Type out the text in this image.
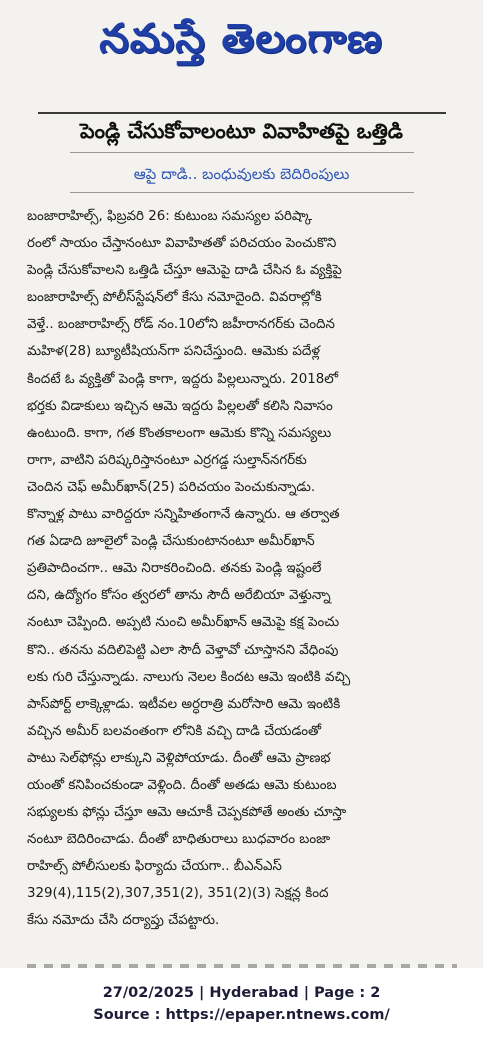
నమస్తే తెలంగాణ
పెండ్లి చేసుకోవాలంటూ వివాహితపై ఒత్తిడి
ఆపై దాడి.. బంధువులకు బెదిరింపులు
బంజారాహిల్స్, ఫిబ్రవరి 26: కుటుంబ సమస్యల పరిష్కా
రంలో సాయం చేస్తానంటూ వివాహితతో పరిచయం పెంచుకొని
పెండ్లి చేసుకోవాలని ఒత్తిడి చేస్తూ ఆమెపై దాడి చేసిన ఓ వ్యక్తిపై
బంజారాహిల్స్ పోలీస్‌స్టేషన్‌లో కేసు నమోదైంది. వివరాల్లోకి
వెళ్తే.. బంజారాహిల్స్ రోడ్ నం.10లోని జహీరానగర్‌కు చెందిన
మహిళ(28) బ్యూటీషియన్‌గా పనిచేస్తుంది. ఆమెకు పదేళ్ల
కిందటే ఓ వ్యక్తితో పెండ్లి కాగా, ఇద్దరు పిల్లలున్నారు. 2018లో
భర్తకు విడాకులు ఇచ్చిన ఆమె ఇద్దరు పిల్లలతో కలిసి నివాసం
ఉంటుంది. కాగా, గత కొంతకాలంగా ఆమెకు కొన్ని సమస్యలు
రాగా, వాటిని పరిష్కరిస్తానంటూ ఎర్రగడ్డ సుల్తాన్‌నగర్‌కు
చెందిన చెఫ్ అమీర్‌ఖాన్(25) పరిచయం పెంచుకున్నాడు.
కొన్నాళ్ల పాటు వారిద్దరూ సన్నిహితంగానే ఉన్నారు. ఆ తర్వాత
గత ఏడాది జూలైలో పెండ్లి చేసుకుంటానంటూ అమీర్‌ఖాన్
ప్రతిపాదించగా.. ఆమె నిరాకరించింది. తనకు పెండ్లి ఇష్టంలే
దని, ఉద్యోగం కోసం త్వరలో తాను సౌదీ అరేబియా వెళ్తున్నా
నంటూ చెప్పింది. అప్పటి నుంచి అమీర్‌ఖాన్ ఆమెపై కక్ష పెంచు
కొని.. తనను వదిలిపెట్టి ఎలా సౌదీ వెళ్తావో చూస్తానని వేధింపు
లకు గురి చేస్తున్నాడు. నాలుగు నెలల కిందట ఆమె ఇంటికి వచ్చి
పాస్‌పోర్ట్ లాక్కెళ్లాడు. ఇటీవల అర్ధరాత్రి మరోసారి ఆమె ఇంటికి
వచ్చిన అమీర్ బలవంతంగా లోనికి వచ్చి దాడి చేయడంతో
పాటు సెల్‌ఫోన్లు లాక్కుని వెళ్లిపోయాడు. దీంతో ఆమె ప్రాణభ
యంతో కనిపించకుండా వెళ్లింది. దీంతో అతడు ఆమె కుటుంబ
సభ్యులకు ఫోన్లు చేస్తూ ఆమె ఆచూకీ చెప్పకపోతే అంతు చూస్తా
నంటూ బెదిరించాడు. దీంతో బాధితురాలు బుధవారం బంజా
రాహిల్స్ పోలీసులకు ఫిర్యాదు చేయగా.. బీఎన్‌ఎస్
329(4),115(2),307,351(2), 351(2)(3) సెక్షన్ల కింద
కేసు నమోదు చేసి దర్యాప్తు చేపట్టారు.
27/02/2025 | Hyderabad | Page : 2
Source : https://epaper.ntnews.com/
